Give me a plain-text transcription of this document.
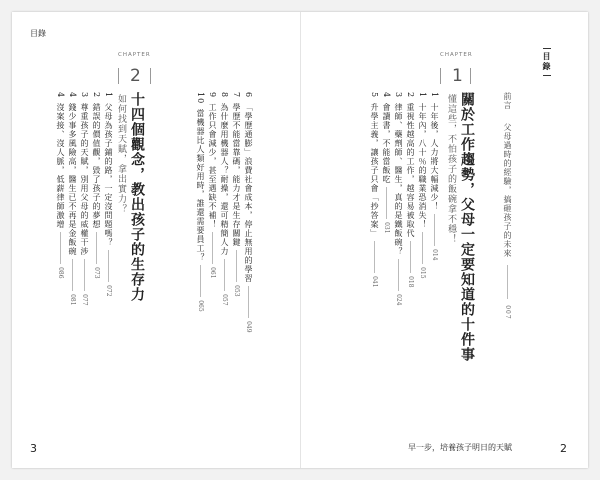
目錄
CHAPTER
2
十四個觀念，教出孩子的生存力
如何找到天賦，拿出實力？	6「學歷通膨」浪費社會成本，停止無用的學習049
7學歷不能當靠碼，能力才是生存關鍵053
8為什麼用機器人？耐操，還可精簡人力057
9工作只會減少，甚至遇缺不補！061
10當機器比人類好用時，誰還需要員工？065
1父母為孩子鋪的路，一定沒問題嗎？072
2錯誤的價值觀，毀了孩子的夢想073
3尊重孩子的天賦，別用父母的威權干涉077
4錢少事多風險高，醫生已不再是金飯碗081
4沒案接、沒人脈，低薪律師激增086
3
目錄
前言  父母過時的經驗，搞砸孩子的未來  007
CHAPTER
1
關於工作趨勢，父母一定要知道的十件事
懂這些，不怕孩子的飯碗拿不穩！
1十年後，人力將大幅減少！014
1十年內，八十％的職業恐消失！015
2重視性越高的工作，越容易被取代018
3律師、藥劑師、醫生，真的是鐵飯碗？024
4會讀書，不能當飯吃031
5升學主義，讓孩子只會「抄答案」041
早一步，培養孩子明日的天賦	2
